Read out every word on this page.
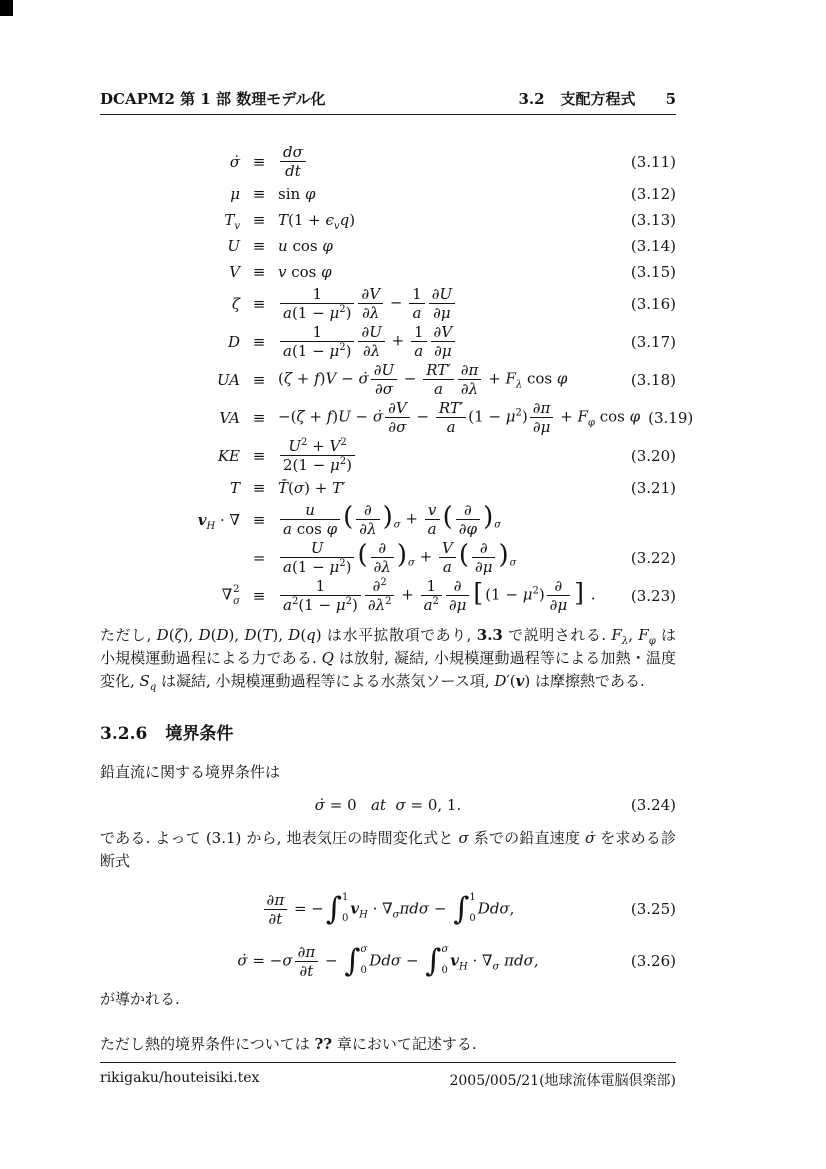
DCAPM2 第 1 部 数理モデル化	3.2 支配方程式 5
σ̇ ≡ $\frac{d\sigma}{dt}$	(3.11)
μ ≡ sin φ	(3.12)
$T_v \equiv T(1 + \epsilon_vq)$	(3.13)
U ≡ u cos φ	(3.14)
V ≡ v cos φ	(3.15)
$\zeta \equiv \frac{1}{a(1 - \mu^2)} \frac{\partial V}{\partial\lambda} - \frac{1}{a} \frac{\partial U}{\partial\mu}$	(3.16)
$D \equiv \frac{1}{a(1 - \mu^2)} \frac{\partial U}{\partial\lambda} + \frac{1}{a} \frac{\partial V}{\partial\mu}$	(3.17)
UA ≡ (ζ + f)V − σ̇ $\frac{\partial U}{\partial\sigma} - \frac{RT'}{a} \frac{\partial\pi}{\partial\lambda} + F_\lambda$ cos φ	(3.18)
VA ≡ −(ζ + f)U − σ̇ $\frac{\partial V}{\partial\sigma} - \frac{RT'}{a} (1 - \mu^2) \frac{\partial\pi}{\partial\mu} + F_\varphi$ cos φ (3.19)
KE ≡ $\frac{U^2 + V^2}{2(1 - \mu^2)}$	(3.20)
T ≡ T̄(σ) + T′	(3.21)
$v_H$ · ∇ ≡ $\frac{u}{\text{a cos φ}}$ ( ∂
∂λ )$_\sigma + \frac{v}{a}$ ( ∂
∂φ )$_\sigma$
= $\frac{U}{a(1 - \mu^2)}$ ( ∂
∂λ )$_\sigma + \frac{V}{a}$ ( ∂
∂μ )$_\sigma$	(3.22)
∇ 2
$\sigma \equiv \frac{1}{a^2(1 - \mu^2)} \frac{\partial^2}{\partial\lambda^2} + \frac{1}{a^2}$ ∂
∂μ [ $(1 - \mu^2)$ ∂
∂μ ] .	(3.23)

ただし, D(ζ), D(D), D(T), D(q) は水平拡散項であり, 3.3 で説明される. $F_\lambda$, $F_\varphi$ は小規模運動過程による力である. Q は放射, 凝結, 小規模運動過程等による加熱・温度変化, $S_q$ は凝結, 小規模運動過程等による水蒸気ソース項, D′(v) は摩擦熱である.

3.2.6 境界条件

鉛直流に関する境界条件は

σ̇ = 0   at σ = 0, 1.	(3.24)

である. よって (3.1) から, 地表気圧の時間変化式と σ 系での鉛直速度 σ̇ を求める診断式

$\frac{\partial\pi}{\partial t}$ = − ∫ 1
0
$v_H \cdot \nabla_\sigma\pi d\sigma$ − ∫ 1
0
Ddσ,	(3.25)
σ̇ = $-\sigma \frac{\partial\pi}{\partial t}$ − ∫ σ
0
Ddσ − ∫ σ
0
$v_H \cdot \nabla_\sigma$ πdσ,	(3.26)

が導かれる.

ただし熱的境界条件については ?? 章において記述する.

rikigaku/houteisiki.tex	2005/005/21(地球流体電脳倶楽部)
